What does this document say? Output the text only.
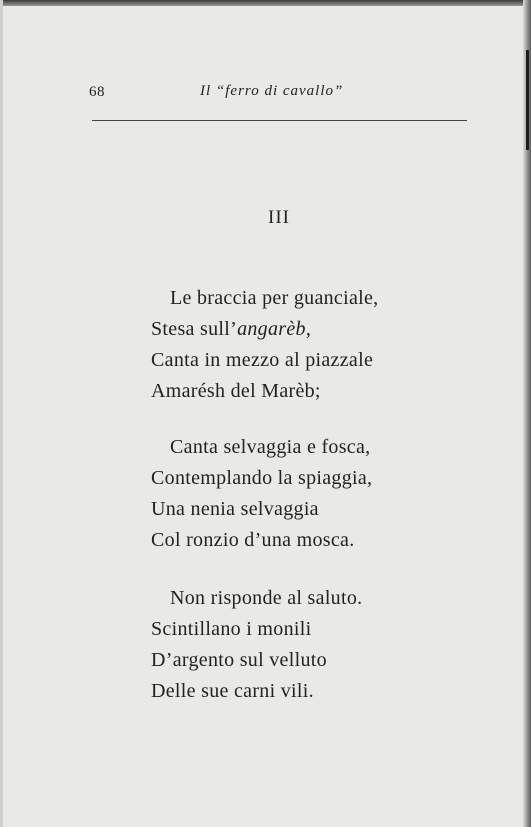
68	Il “ferro di cavallo”
III
Le braccia per guanciale,
Stesa sull’angarèb,
Canta in mezzo al piazzale
Amarésh del Marèb;
Canta selvaggia e fosca,
Contemplando la spiaggia,
Una nenia selvaggia
Col ronzio d’una mosca.
Non risponde al saluto.
Scintillano i monili
D’argento sul velluto
Delle sue carni vili.
